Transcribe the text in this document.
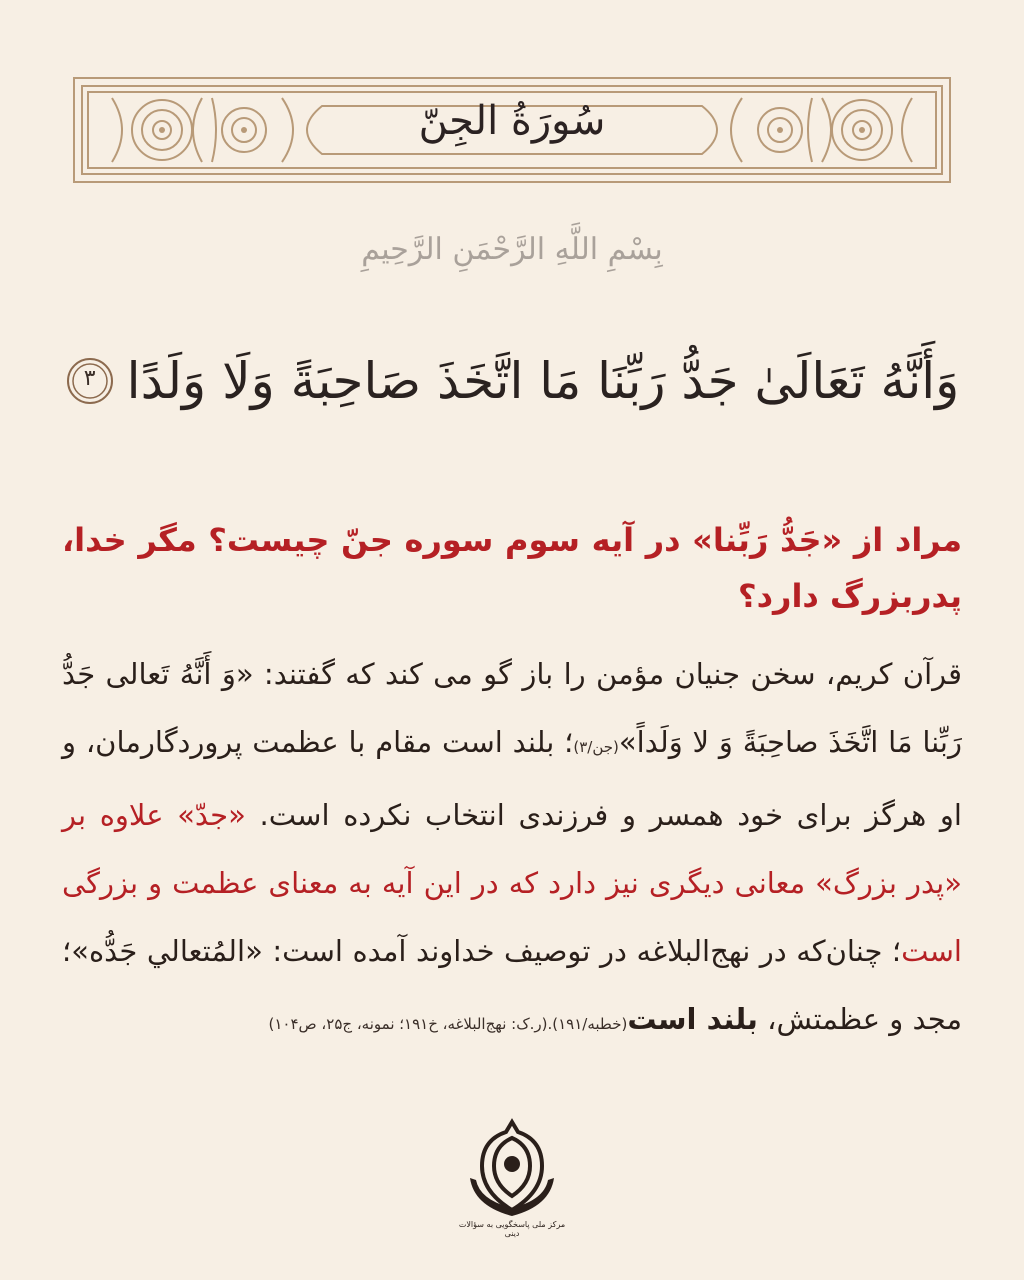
سُورَةُ الجِنّ
بِسْمِ اللَّهِ الرَّحْمَنِ الرَّحِيمِ
وَأَنَّهُ تَعَالَىٰ جَدُّ رَبِّنَا مَا اتَّخَذَ صَاحِبَةً وَلَا وَلَدًا
۳
مراد از «جَدُّ رَبِّنا» در آیه سوم سوره جنّ چیست؟ مگر خدا، پدربزرگ دارد؟
قرآن کریم، سخن جنیان مؤمن را باز گو می کند که گفتند: «وَ أَنَّهُ تَعالی جَدُّ رَبِّنا مَا اتَّخَذَ صاحِبَةً وَ لا وَلَداً»(جن/۳)؛ بلند است مقام با عظمت پروردگارمان، و او هرگز برای خود همسر و فرزندی انتخاب نکرده است. «جدّ» علاوه بر «پدر بزرگ» معانی دیگری نیز دارد که در این آیه به معنای عظمت و بزرگی است؛ چنان‌که در نهج‌البلاغه در توصیف خداوند آمده است: «المُتعالي جَدُّه»؛ مجد و عظمتش، بلند است(خطبه/۱۹۱).(ر.ک: نهج‌البلاغه، خ۱۹۱؛ نمونه، ج۲۵، ص۱۰۴)
مرکز ملی پاسخگویی به سؤالات دینی
